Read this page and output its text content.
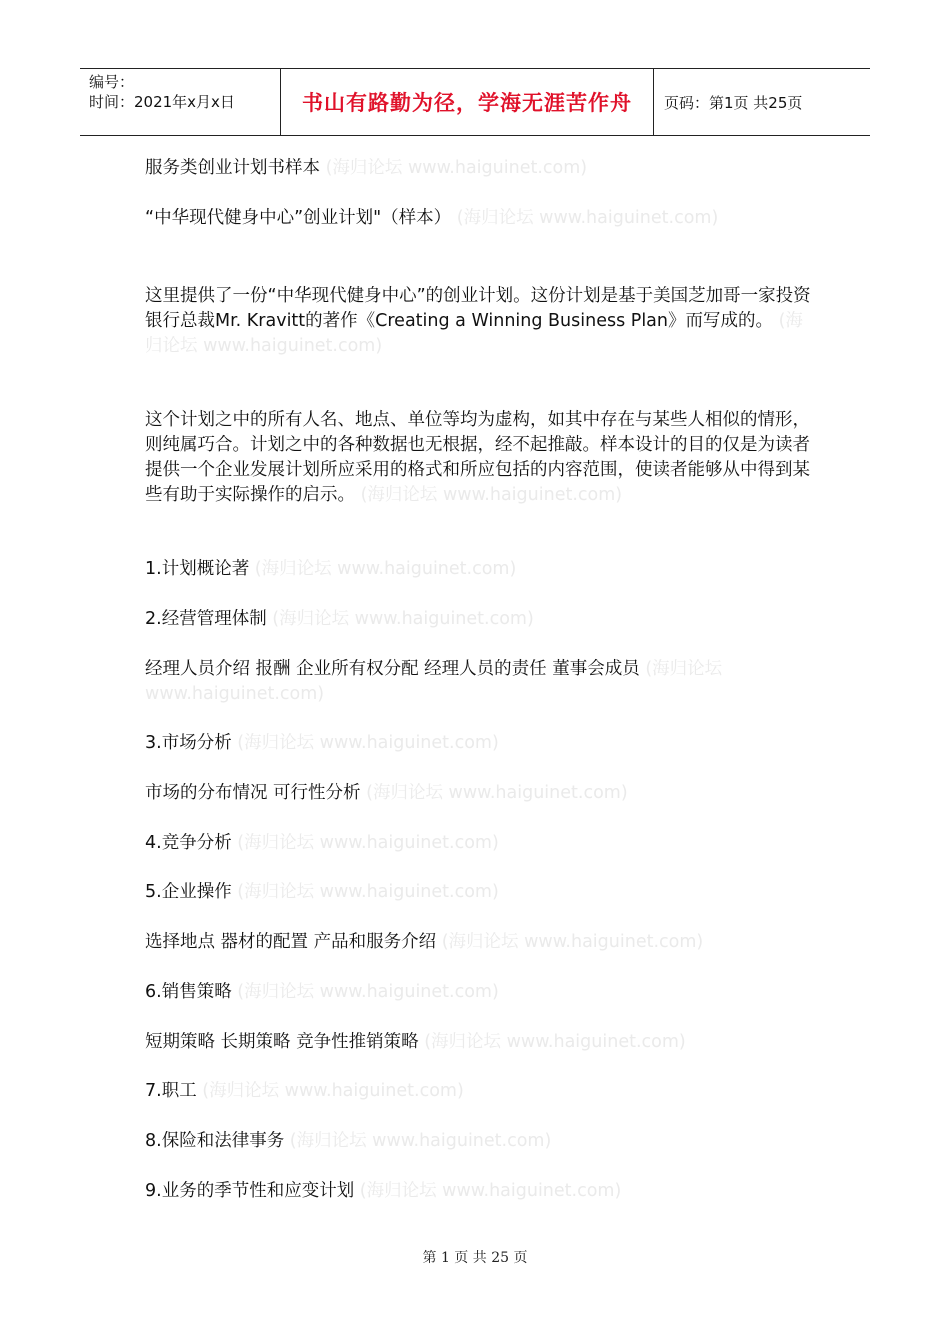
编号：
时间：2021年x月x日	书山有路勤为径，学海无涯苦作舟	页码：第1页 共25页

服务类创业计划书样本 (海归论坛 www.haiguinet.com)

“中华现代健身中心”创业计划"（样本） (海归论坛 www.haiguinet.com)

这里提供了一份“中华现代健身中心”的创业计划。这份计划是基于美国芝加哥一家投资银行总裁Mr. Kravitt的著作《Creating a Winning Business Plan》而写成的。 (海归论坛 www.haiguinet.com)

这个计划之中的所有人名、地点、单位等均为虚构，如其中存在与某些人相似的情形，则纯属巧合。计划之中的各种数据也无根据，经不起推敲。样本设计的目的仅是为读者提供一个企业发展计划所应采用的格式和所应包括的内容范围，使读者能够从中得到某些有助于实际操作的启示。 (海归论坛 www.haiguinet.com)

1.计划概论著 (海归论坛 www.haiguinet.com)

2.经营管理体制 (海归论坛 www.haiguinet.com)

经理人员介绍 报酬 企业所有权分配 经理人员的责任 董事会成员 (海归论坛 www.haiguinet.com)

3.市场分析 (海归论坛 www.haiguinet.com)

市场的分布情况 可行性分析 (海归论坛 www.haiguinet.com)

4.竞争分析 (海归论坛 www.haiguinet.com)

5.企业操作 (海归论坛 www.haiguinet.com)

选择地点 器材的配置 产品和服务介绍 (海归论坛 www.haiguinet.com)

6.销售策略 (海归论坛 www.haiguinet.com)

短期策略 长期策略 竞争性推销策略 (海归论坛 www.haiguinet.com)

7.职工 (海归论坛 www.haiguinet.com)

8.保险和法律事务 (海归论坛 www.haiguinet.com)

9.业务的季节性和应变计划 (海归论坛 www.haiguinet.com)

第 1 页 共 25 页
